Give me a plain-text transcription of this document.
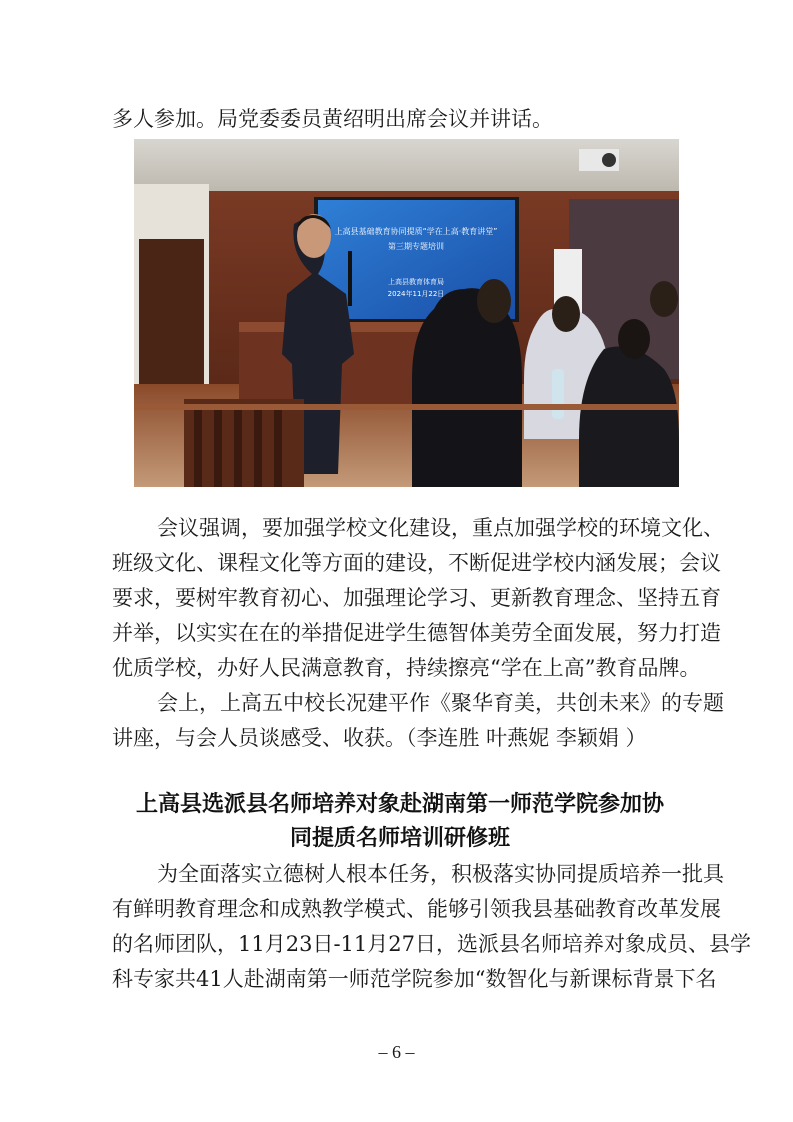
多人参加。局党委委员黄绍明出席会议并讲话。
上高县基础教育协同提质“学在上高·教育讲堂”
第三期专题培训
上高县教育体育局
2024年11月22日
会议强调，要加强学校文化建设，重点加强学校的环境文化、
班级文化、课程文化等方面的建设，不断促进学校内涵发展；会议
要求，要树牢教育初心、加强理论学习、更新教育理念、坚持五育
并举，以实实在在的举措促进学生德智体美劳全面发展，努力打造
优质学校，办好人民满意教育，持续擦亮“学在上高”教育品牌。
会上，上高五中校长况建平作《聚华育美，共创未来》的专题
讲座，与会人员谈感受、收获。（李连胜 叶燕妮 李颖娟 ）
上高县选派县名师培养对象赴湖南第一师范学院参加协
同提质名师培训研修班
为全面落实立德树人根本任务，积极落实协同提质培养一批具
有鲜明教育理念和成熟教学模式、能够引领我县基础教育改革发展
的名师团队，11月23日-11月27日，选派县名师培养对象成员、县学
科专家共41人赴湖南第一师范学院参加“数智化与新课标背景下名
– 6 –
